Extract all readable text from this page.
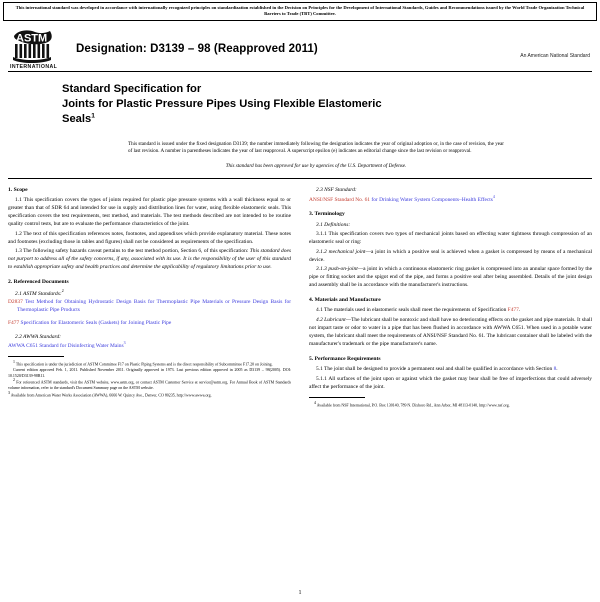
This international standard was developed in accordance with internationally recognized principles on standardization established in the Decision on Principles for the Development of International Standards, Guides and Recommendations issued by the World Trade Organization Technical Barriers to Trade (TBT) Committee.
ASTM
INTERNATIONAL
Designation: D3139 – 98 (Reapproved 2011)
An American National Standard
Standard Specification for
Joints for Plastic Pressure Pipes Using Flexible Elastomeric
Seals$^1$

This standard is issued under the fixed designation D3139; the number immediately following the designation indicates the year of original adoption or, in the case of revision, the year of last revision. A number in parentheses indicates the year of last reapproval. A superscript epsilon (e) indicates an editorial change since the last revision or reapproval.

This standard has been approved for use by agencies of the U.S. Department of Defense.
1. Scope

1.1 This specification covers the types of joints required for plastic pipe pressure systems with a wall thickness equal to or greater than that of SDR 64 and intended for use in supply and distribution lines for water, using flexible elastomeric seals. This specification covers the test requirements, test method, and materials. The test methods described are not intended to be routine quality control tests, but are to evaluate the performance characteristics of the joint.

1.2 The text of this specification references notes, footnotes, and appendixes which provide explanatory material. These notes and footnotes (excluding those in tables and figures) shall not be considered as requirements of the specification.

1.3 The following safety hazards caveat pertains to the test method portion, Section 6, of this specification: This standard does not purport to address all of the safety concerns, if any, associated with its use. It is the responsibility of the user of this standard to establish appropriate safety and health practices and determine the applicability of regulatory limitations prior to use.

2. Referenced Documents

2.1 ASTM Standards:$^2$

D2837 Test Method for Obtaining Hydrostatic Design Basis for Thermoplastic Pipe Materials or Pressure Design Basis for Thermoplastic Pipe Products

F477 Specification for Elastomeric Seals (Gaskets) for Joining Plastic Pipe

2.2 AWWA Standard:

AWWA C651 Standard for Disinfecting Water Mains$^3$

1 This specification is under the jurisdiction of ASTM Committee F17 on Plastic Piping Systems and is the direct responsibility of Subcommittee F17.20 on Joining.

Current edition approved Feb. 1, 2011. Published November 2011. Originally approved in 1973. Last previous edition approved in 2005 as D3139 – 98(2005). DOI: 10.1520/D3139-98R11.

2 For referenced ASTM standards, visit the ASTM website, www.astm.org, or contact ASTM Customer Service at service@astm.org. For Annual Book of ASTM Standards volume information, refer to the standard's Document Summary page on the ASTM website.

3 Available from American Water Works Association (AWWA), 6666 W. Quincy Ave., Denver, CO 80235, http://www.awwa.org.

2.3 NSF Standard:

ANSI/NSF Standard No. 61 for Drinking Water System Components–Health Effects$^4$

3. Terminology

3.1 Definitions:

3.1.1 This specification covers two types of mechanical joints based on effecting water tightness through compression of an elastomeric seal or ring:

3.1.2 mechanical joint—a joint in which a positive seal is achieved when a gasket is compressed by means of a mechanical device.

3.1.3 push-on-joint—a joint in which a continuous elastomeric ring gasket is compressed into an annular space formed by the pipe or fitting socket and the spigot end of the pipe, and forms a positive seal after being assembled. Details of the joint design and assembly shall be in accordance with the manufacturer's instructions.

4. Materials and Manufacture

4.1 The materials used in elastomeric seals shall meet the requirements of Specification F477.

4.2 Lubricant—The lubricant shall be nontoxic and shall have no deteriorating effects on the gasket and pipe materials. It shall not impart taste or odor to water in a pipe that has been flushed in accordance with AWWA C651. When used in a potable water system, the lubricant shall meet the requirements of ANSI/NSF Standard No. 61. The lubricant container shall be labeled with the manufacturer's trademark or the pipe manufacturer's name.

5. Performance Requirements

5.1 The joint shall be designed to provide a permanent seal and shall be qualified in accordance with Section 8.

5.1.1 All surfaces of the joint upon or against which the gasket may bear shall be free of imperfections that could adversely affect the performance of the joint.

4 Available from NSF International, P.O. Box 130140, 789 N. Dixboro Rd., Ann Arbor, MI 48113-0140, http://www.nsf.org.

1
